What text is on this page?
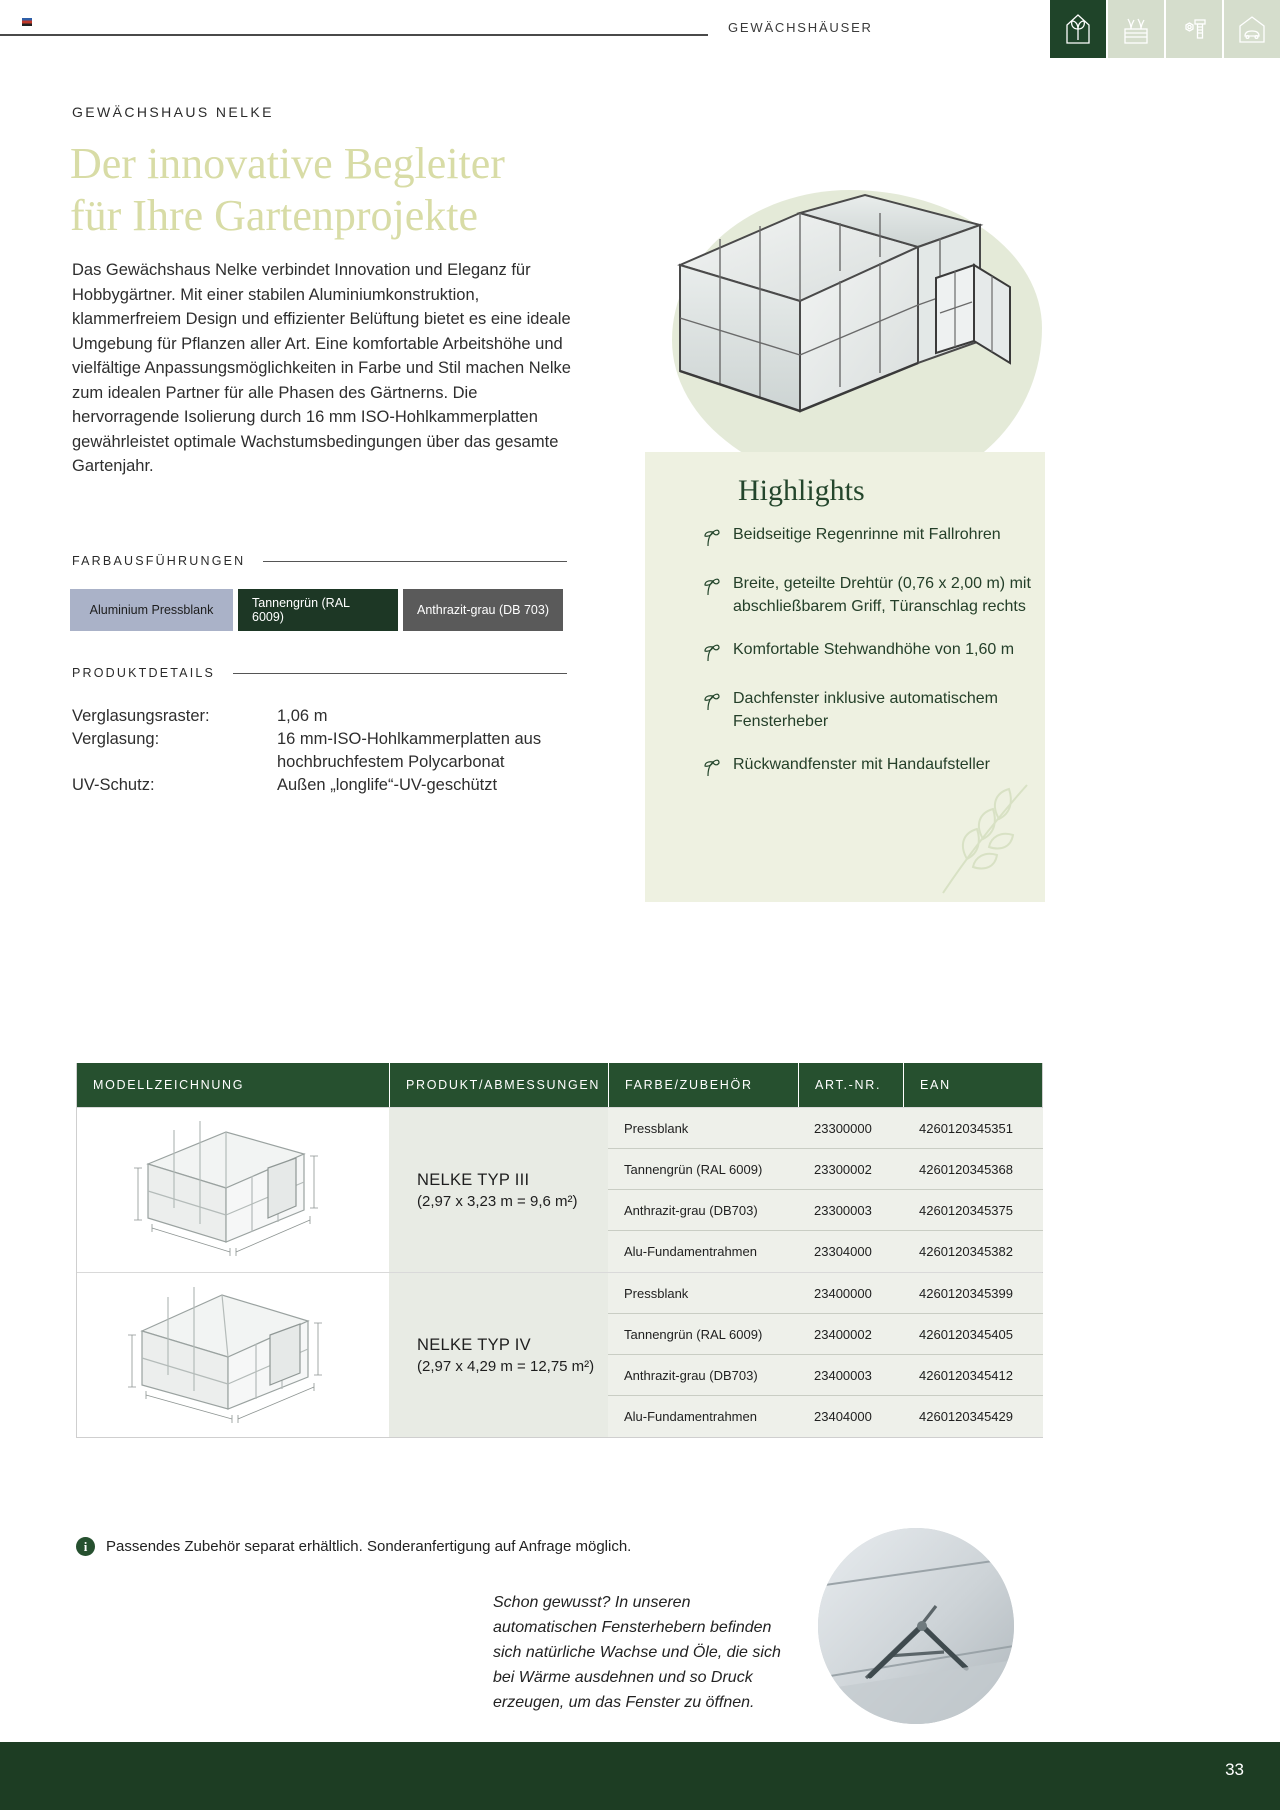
GEWÄCHSHÄUSER
GEWÄCHSHAUS NELKE
Der innovative Begleiter
für Ihre Gartenprojekte
Das Gewächshaus Nelke verbindet Innovation und Eleganz für Hobbygärtner. Mit einer stabilen Aluminiumkonstruktion, klammerfreiem Design und effizienter Belüftung bietet es eine ideale Umgebung für Pflanzen aller Art. Eine komfortable Arbeitshöhe und vielfältige Anpassungsmöglichkeiten in Farbe und Stil machen Nelke zum idealen Partner für alle Phasen des Gärtnerns. Die hervorragende Isolierung durch 16 mm ISO-Hohlkammerplatten gewährleistet optimale Wachstumsbedingungen über das gesamte Gartenjahr.
FARBAUSFÜHRUNGEN
Aluminium Pressblank	Tannengrün (RAL 6009)	Anthrazit-grau (DB 703)
PRODUKTDETAILS
Verglasungsraster:	1,06 m
Verglasung:	16 mm-ISO-Hohlkammerplatten aus hochbruchfestem Polycarbonat
UV-Schutz:	Außen „longlife“-UV-geschützt
Highlights
Beidseitige Regenrinne mit Fallrohren
Breite, geteilte Drehtür (0,76 x 2,00 m) mit abschließbarem Griff, Türanschlag rechts
Komfortable Stehwandhöhe von 1,60 m
Dachfenster inklusive automatischem Fensterheber
Rückwandfenster mit Handaufsteller
MODELLZEICHNUNG	PRODUKT/ABMESSUNGEN	FARBE/ZUBEHÖR	ART.-NR.	EAN
NELKE TYP III
(2,97 x 3,23 m = 9,6 m²)
Pressblank	23300000	4260120345351
Tannengrün (RAL 6009)	23300002	4260120345368
Anthrazit-grau (DB703)	23300003	4260120345375
Alu-Fundamentrahmen	23304000	4260120345382
NELKE TYP IV
(2,97 x 4,29 m = 12,75 m²)
Pressblank	23400000	4260120345399
Tannengrün (RAL 6009)	23400002	4260120345405
Anthrazit-grau (DB703)	23400003	4260120345412
Alu-Fundamentrahmen	23404000	4260120345429
i	Passendes Zubehör separat erhältlich. Sonderanfertigung auf Anfrage möglich.
Schon gewusst? In unseren automatischen Fensterhebern befinden sich natürliche Wachse und Öle, die sich bei Wärme ausdehnen und so Druck erzeugen, um das Fenster zu öffnen.
33
